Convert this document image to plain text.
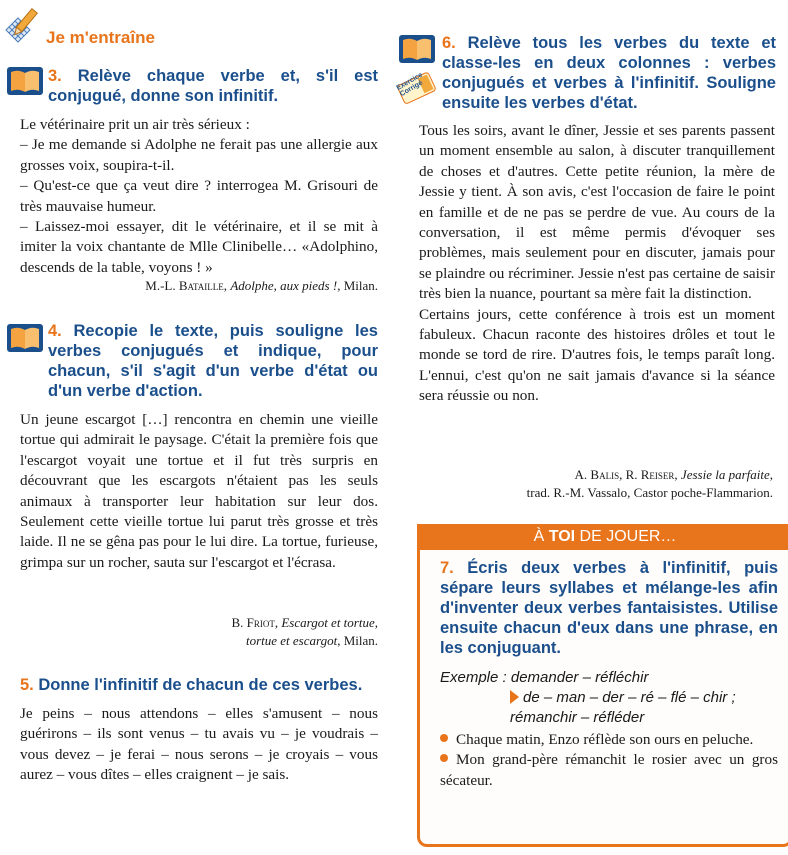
Je m'entraîne
3. Relève chaque verbe et, s'il est conjugué, donne son infinitif.

Le vétérinaire prit un air très sérieux :

– Je me demande si Adolphe ne ferait pas une allergie aux grosses voix, soupira-t-il.

– Qu'est-ce que ça veut dire ? interrogea M. Grisouri de très mauvaise humeur.

– Laissez-moi essayer, dit le vétérinaire, et il se mit à imiter la voix chantante de Mlle Clinibelle… «Adolphino, descends de la table, voyons ! »

M.-L. Bataille, Adolphe, aux pieds !, Milan.
4. Recopie le texte, puis souligne les verbes conjugués et indique, pour chacun, s'il s'agit d'un verbe d'état ou d'un verbe d'action.
Un jeune escargot […] rencontra en chemin une vieille tortue qui admirait le paysage. C'était la première fois que l'escargot voyait une tortue et il fut très surpris en découvrant que les escargots n'étaient pas les seuls animaux à transporter leur habitation sur leur dos. Seulement cette vieille tortue lui parut très grosse et très laide. Il ne se gêna pas pour le lui dire. La tortue, furieuse, grimpa sur un rocher, sauta sur l'escargot et l'écrasa.
B. Friot, Escargot et tortue,
tortue et escargot, Milan.
5. Donne l'infinitif de chacun de ces verbes.
Je peins – nous attendons – elles s'amusent – nous guérirons – ils sont venus – tu avais vu – je voudrais – vous devez – je ferai – nous serons – je croyais – vous aurez – vous dîtes – elles craignent – je sais.
Exercice Corrigé
6. Relève tous les verbes du texte et classe-les en deux colonnes : verbes conjugués et verbes à l'infinitif. Souligne ensuite les verbes d'état.

Tous les soirs, avant le dîner, Jessie et ses parents passent un moment ensemble au salon, à discuter tranquillement de choses et d'autres. Cette petite réunion, la mère de Jessie y tient. À son avis, c'est l'occasion de faire le point en famille et de ne pas se perdre de vue. Au cours de la conversation, il est même permis d'évoquer ses problèmes, mais seulement pour en discuter, jamais pour se plaindre ou récriminer. Jessie n'est pas certaine de saisir très bien la nuance, pourtant sa mère fait la distinction.

Certains jours, cette conférence à trois est un moment fabuleux. Chacun raconte des histoires drôles et tout le monde se tord de rire. D'autres fois, le temps paraît long. L'ennui, c'est qu'on ne sait jamais d'avance si la séance sera réussie ou non.

A. Balis, R. Reiser, Jessie la parfaite,
trad. R.-M. Vassalo, Castor poche-Flammarion.
À TOI DE JOUER…
7. Écris deux verbes à l'infinitif, puis sépare leurs syllabes et mélange-les afin d'inventer deux verbes fantaisistes. Utilise ensuite chacun d'eux dans une phrase, en les conjuguant.
Exemple : demander – réfléchir
de – man – der – ré – flé – chir ;
rémanchir – réfléder

Chaque matin, Enzo réflède son ours en peluche.

Mon grand-père rémanchit le rosier avec un gros sécateur.
